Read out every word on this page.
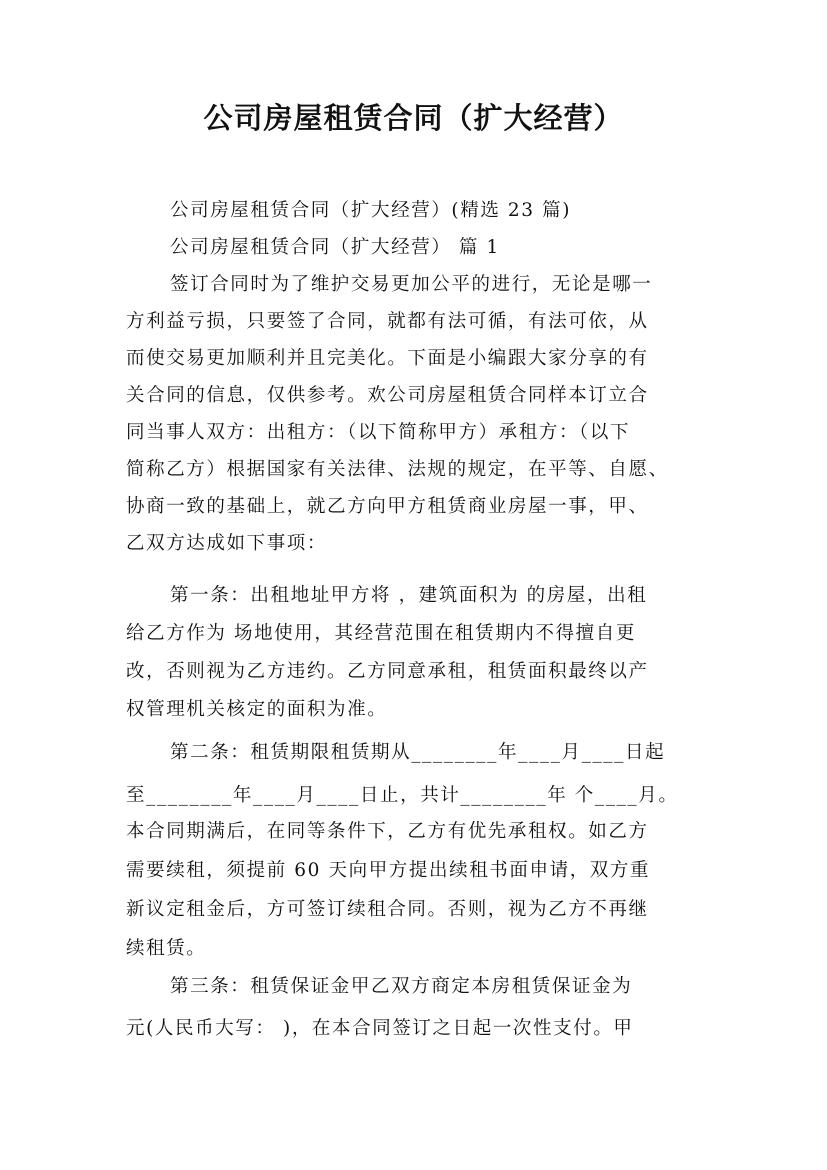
公司房屋租赁合同（扩大经营）
公司房屋租赁合同（扩大经营）(精选 23 篇)
公司房屋租赁合同（扩大经营） 篇 1
签订合同时为了维护交易更加公平的进行，无论是哪一
方利益亏损，只要签了合同，就都有法可循，有法可依，从
而使交易更加顺利并且完美化。下面是小编跟大家分享的有
关合同的信息，仅供参考。欢公司房屋租赁合同样本订立合
同当事人双方：出租方：（以下简称甲方）承租方：（以下
简称乙方）根据国家有关法律、法规的规定，在平等、自愿、
协商一致的基础上，就乙方向甲方租赁商业房屋一事，甲、
乙双方达成如下事项：
第一条：出租地址甲方将 ，建筑面积为 的房屋，出租
给乙方作为 场地使用，其经营范围在租赁期内不得擅自更
改，否则视为乙方违约。乙方同意承租，租赁面积最终以产
权管理机关核定的面积为准。
第二条：租赁期限租赁期从________年____月____日起
至________年____月____日止，共计________年 个____月。
本合同期满后，在同等条件下，乙方有优先承租权。如乙方
需要续租，须提前 60 天向甲方提出续租书面申请，双方重
新议定租金后，方可签订续租合同。否则，视为乙方不再继
续租赁。
第三条：租赁保证金甲乙双方商定本房租赁保证金为
元(人民币大写： )，在本合同签订之日起一次性支付。甲
